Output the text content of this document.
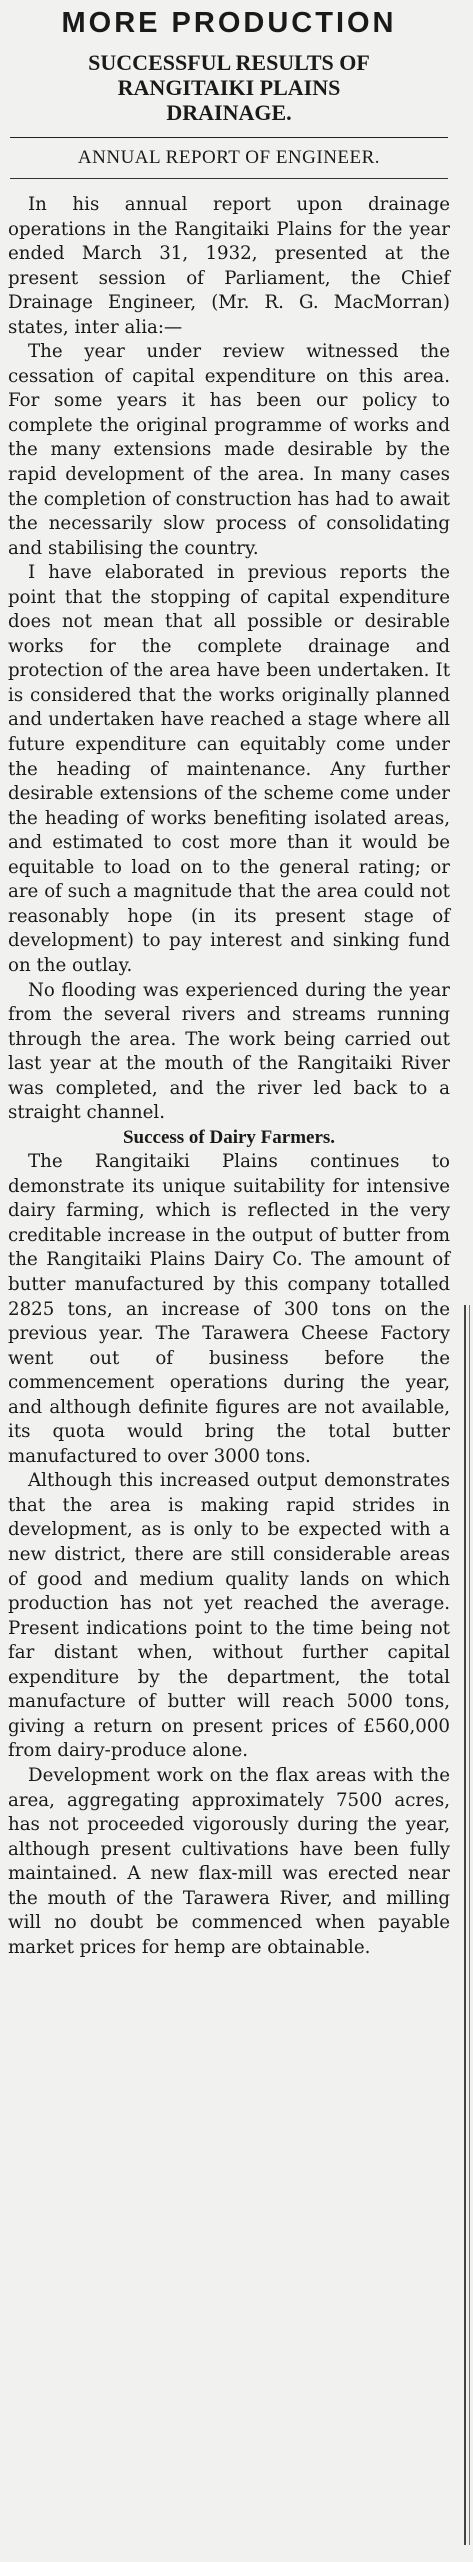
MORE PRODUCTION
SUCCESSFUL RESULTS OF
RANGITAIKI PLAINS
DRAINAGE.
ANNUAL REPORT OF ENGINEER.

In his annual report upon drainage operations in the Rangitaiki Plains for the year ended March 31, 1932, presented at the present session of Parliament, the Chief Drainage Engineer, (Mr. R. G. MacMorran) states, inter alia:—

The year under review witnessed the cessation of capital expenditure on this area. For some years it has been our policy to complete the original programme of works and the many extensions made desirable by the rapid development of the area. In many cases the completion of construction has had to await the necessarily slow process of consolidating and stabilising the country.

I have elaborated in previous reports the point that the stopping of capital expenditure does not mean that all possible or desirable works for the complete drainage and protection of the area have been undertaken. It is considered that the works originally planned and undertaken have reached a stage where all future expenditure can equitably come under the heading of maintenance. Any further desirable extensions of the scheme come under the heading of works benefiting isolated areas, and estimated to cost more than it would be equitable to load on to the general rating; or are of such a magnitude that the area could not reasonably hope (in its present stage of development) to pay interest and sinking fund on the outlay.

No flooding was experienced during the year from the several rivers and streams running through the area. The work being carried out last year at the mouth of the Rangitaiki River was completed, and the river led back to a straight channel.

Success of Dairy Farmers.

The Rangitaiki Plains continues to demonstrate its unique suitability for intensive dairy farming, which is reflected in the very creditable increase in the output of butter from the Rangitaiki Plains Dairy Co. The amount of butter manufactured by this company totalled 2825 tons, an increase of 300 tons on the previous year. The Tarawera Cheese Factory went out of business before the commencement operations during the year, and although definite figures are not available, its quota would bring the total butter manufactured to over 3000 tons.

Although this increased output demonstrates that the area is making rapid strides in development, as is only to be expected with a new district, there are still considerable areas of good and medium quality lands on which production has not yet reached the average. Present indications point to the time being not far distant when, without further capital expenditure by the department, the total manufacture of butter will reach 5000 tons, giving a return on present prices of £560,000 from dairy-produce alone.

Development work on the flax areas with the area, aggregating approximately 7500 acres, has not proceeded vigorously during the year, although present cultivations have been fully maintained. A new flax-mill was erected near the mouth of the Tarawera River, and milling will no doubt be commenced when payable market prices for hemp are obtainable.
